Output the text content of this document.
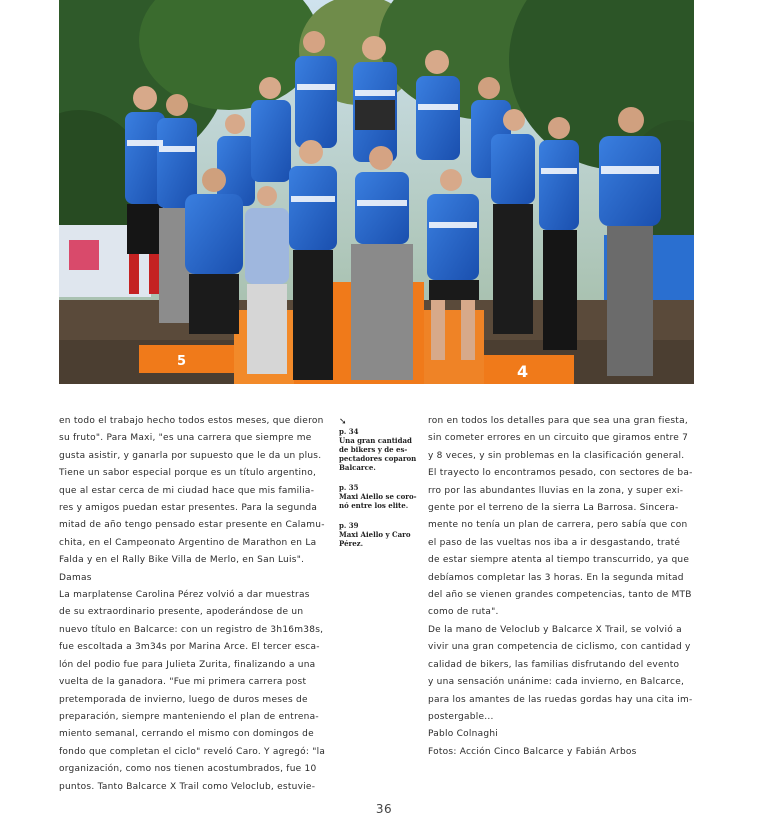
5
4
en todo el trabajo hecho todos estos meses, que dieron
su fruto". Para Maxi, "es una carrera que siempre me
gusta asistir, y ganarla por supuesto que le da un plus.
Tiene un sabor especial porque es un título argentino,
que al estar cerca de mi ciudad hace que mis familia-
res y amigos puedan estar presentes. Para la segunda
mitad de año tengo pensado estar presente en Calamu-
chita, en el Campeonato Argentino de Marathon en La
Falda y en el Rally Bike Villa de Merlo, en San Luis".
Damas
La marplatense Carolina Pérez volvió a dar muestras
de su extraordinario presente, apoderándose de un
nuevo título en Balcarce: con un registro de 3h16m38s,
fue escoltada a 3m34s por Marina Arce. El tercer esca-
lón del podio fue para Julieta Zurita, finalizando a una
vuelta de la ganadora. "Fue mi primera carrera post
pretemporada de invierno, luego de duros meses de
preparación, siempre manteniendo el plan de entrena-
miento semanal, cerrando el mismo con domingos de
fondo que completan el ciclo" reveló Caro. Y agregó: "la
organización, como nos tienen acostumbrados, fue 10
puntos. Tanto Balcarce X Trail como Veloclub, estuvie-
➘
p. 34
Una gran cantidad
de bikers y de es-
pectadores coparon
Balcarce.
p. 35
Maxi Aiello se coro-
nó entre los elite.
p. 39
Maxi Aiello y Caro
Pérez.
ron en todos los detalles para que sea una gran fiesta,
sin cometer errores en un circuito que giramos entre 7
y 8 veces, y sin problemas en la clasificación general.
El trayecto lo encontramos pesado, con sectores de ba-
rro por las abundantes lluvias en la zona, y super exi-
gente por el terreno de la sierra La Barrosa. Sincera-
mente no tenía un plan de carrera, pero sabía que con
el paso de las vueltas nos iba a ir desgastando, traté
de estar siempre atenta al tiempo transcurrido, ya que
debíamos completar las 3 horas. En la segunda mitad
del año se vienen grandes competencias, tanto de MTB
como de ruta".
De la mano de Veloclub y Balcarce X Trail, se volvió a
vivir una gran competencia de ciclismo, con cantidad y
calidad de bikers, las familias disfrutando del evento
y una sensación unánime: cada invierno, en Balcarce,
para los amantes de las ruedas gordas hay una cita im-
postergable...
Pablo Colnaghi
Fotos: Acción Cinco Balcarce y Fabián Arbos
36
